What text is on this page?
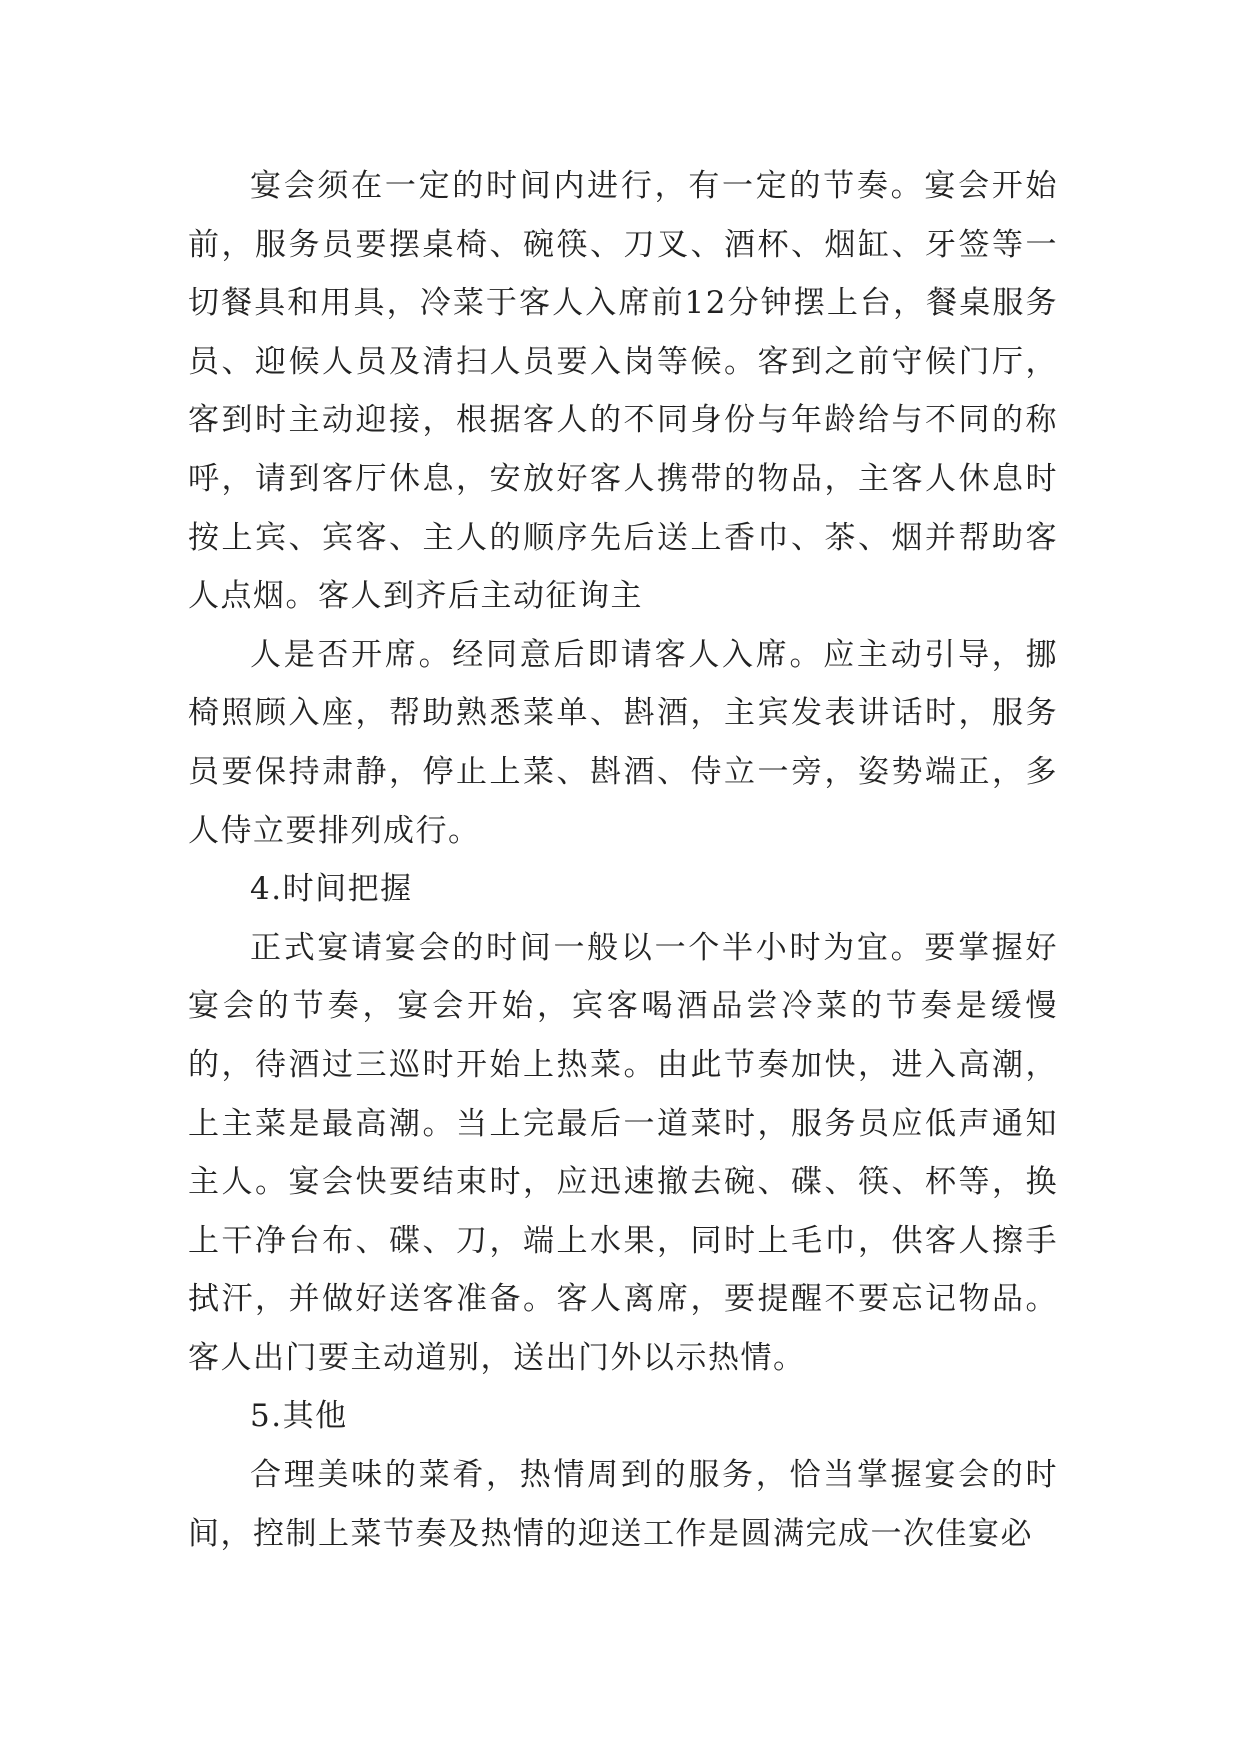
宴会须在一定的时间内进行，有一定的节奏。宴会开始前，服务员要摆桌椅、碗筷、刀叉、酒杯、烟缸、牙签等一切餐具和用具，冷菜于客人入席前12分钟摆上台，餐桌服务员、迎候人员及清扫人员要入岗等候。客到之前守候门厅，客到时主动迎接，根据客人的不同身份与年龄给与不同的称呼，请到客厅休息，安放好客人携带的物品，主客人休息时按上宾、宾客、主人的顺序先后送上香巾、茶、烟并帮助客人点烟。客人到齐后主动征询主

人是否开席。经同意后即请客人入席。应主动引导，挪椅照顾入座，帮助熟悉菜单、斟酒，主宾发表讲话时，服务员要保持肃静，停止上菜、斟酒、侍立一旁，姿势端正，多人侍立要排列成行。

4.时间把握

正式宴请宴会的时间一般以一个半小时为宜。要掌握好宴会的节奏，宴会开始，宾客喝酒品尝冷菜的节奏是缓慢的，待酒过三巡时开始上热菜。由此节奏加快，进入高潮，上主菜是最高潮。当上完最后一道菜时，服务员应低声通知主人。宴会快要结束时，应迅速撤去碗、碟、筷、杯等，换上干净台布、碟、刀，端上水果，同时上毛巾，供客人擦手拭汗，并做好送客准备。客人离席，要提醒不要忘记物品。客人出门要主动道别，送出门外以示热情。

5.其他

合理美味的菜肴，热情周到的服务，恰当掌握宴会的时间，控制上菜节奏及热情的迎送工作是圆满完成一次佳宴必
